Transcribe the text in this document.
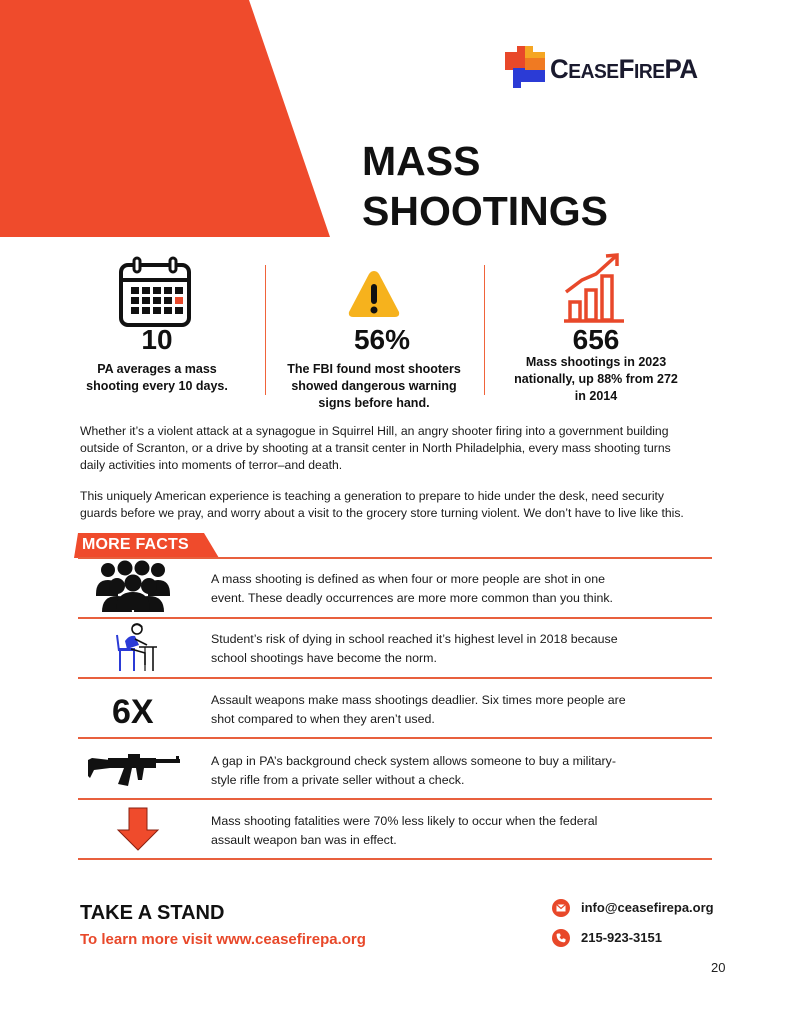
CEASEFIREPA
MASS
SHOOTINGS
10
PA averages a mass
shooting every 10 days.
56%
The FBI found most shooters
showed dangerous warning
signs before hand.
656
Mass shootings in 2023
nationally, up 88% from 272
in 2014
Whether it’s a violent attack at a synagogue in Squirrel Hill, an angry shooter firing into a government building
outside of Scranton, or a drive by shooting at a transit center in North Philadelphia, every mass shooting turns
daily activities into moments of terror–and death.
This uniquely American experience is teaching a generation to prepare to hide under the desk, need security
guards before we pray, and worry about a visit to the grocery store turning violent. We don’t have to live like this.
MORE FACTS
A mass shooting is defined as when four or more people are shot in one
event. These deadly occurrences are more more common than you think.
Student’s risk of dying in school reached it’s highest level in 2018 because
school shootings have become the norm.
6X	Assault weapons make mass shootings deadlier. Six times more people are
shot compared to when they aren’t used.
A gap in PA’s background check system allows someone to buy a military-
style rifle from a private seller without a check.
Mass shooting fatalities were 70% less likely to occur when the federal
assault weapon ban was in effect.
TAKE A STAND
To learn more visit www.ceasefirepa.org
info@ceasefirepa.org
215-923-3151
20
